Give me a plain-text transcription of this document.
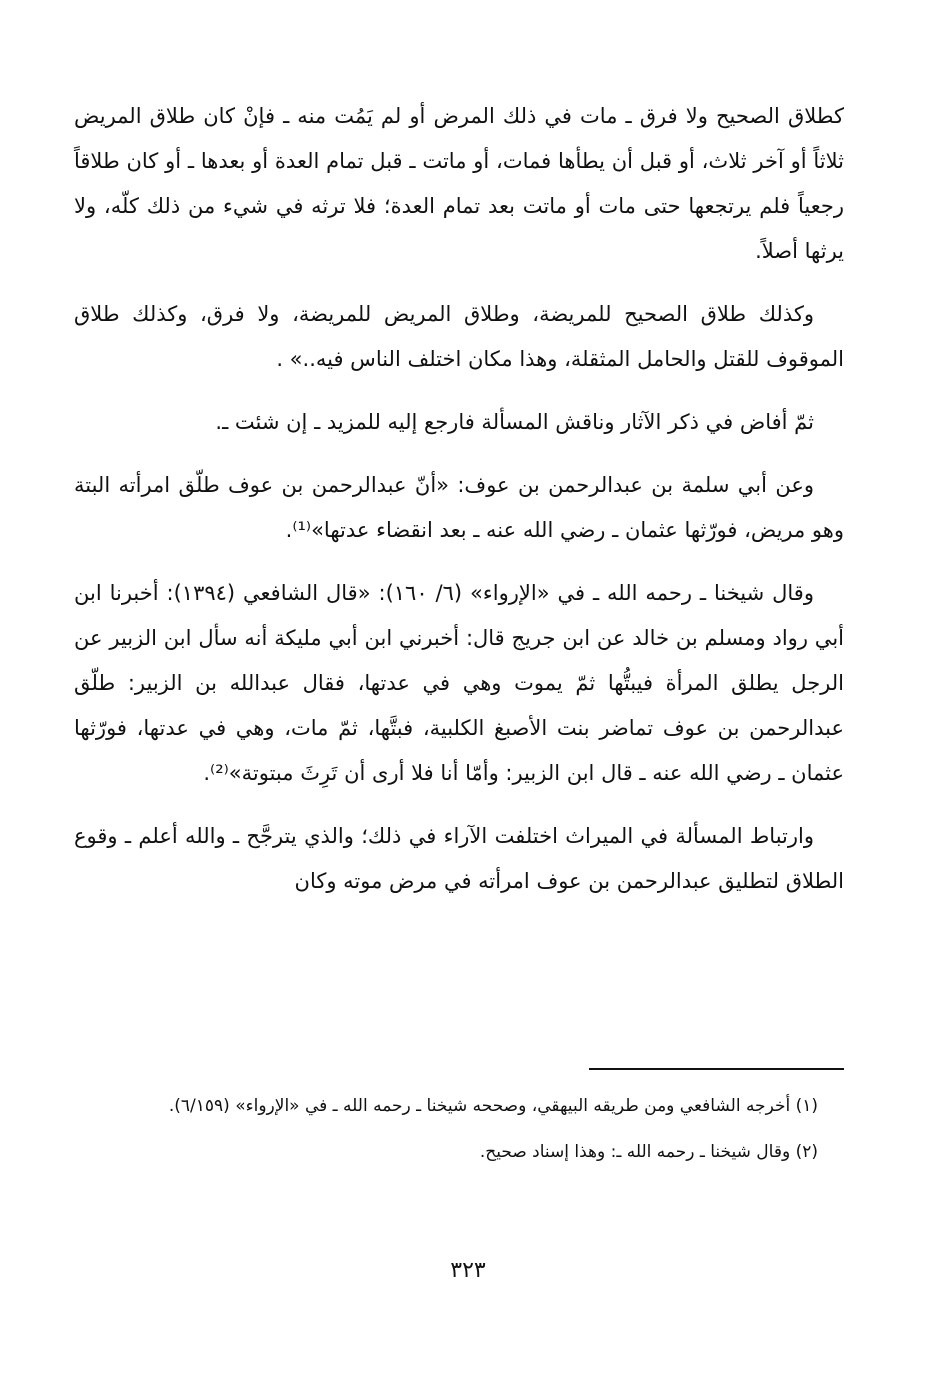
كطلاق الصحيح ولا فرق ـ مات في ذلك المرض أو لم يَمُت منه ـ فإنْ كان طلاق المريض ثلاثاً أو آخر ثلاث، أو قبل أن يطأها فمات، أو ماتت ـ قبل تمام العدة أو بعدها ـ أو كان طلاقاً رجعياً فلم يرتجعها حتى مات أو ماتت بعد تمام العدة؛ فلا ترثه في شيء من ذلك كلّه، ولا يرثها أصلاً.

وكذلك طلاق الصحيح للمريضة، وطلاق المريض للمريضة، ولا فرق، وكذلك طلاق الموقوف للقتل والحامل المثقلة، وهذا مكان اختلف الناس فيه..» .

ثمّ أفاض في ذكر الآثار وناقش المسألة فارجع إليه للمزيد ـ إن شئت ـ.

وعن أبي سلمة بن عبدالرحمن بن عوف: «أنّ عبدالرحمن بن عوف طلّق امرأته البتة وهو مريض، فورّثها عثمان ـ رضي الله عنه ـ بعد انقضاء عدتها»⁽¹⁾.

وقال شيخنا ـ رحمه الله ـ في «الإرواء» (٦/ ١٦٠): «قال الشافعي (١٣٩٤): أخبرنا ابن أبي رواد ومسلم بن خالد عن ابن جريج قال: أخبرني ابن أبي مليكة أنه سأل ابن الزبير عن الرجل يطلق المرأة فيبتُّها ثمّ يموت وهي في عدتها، فقال عبدالله بن الزبير: طلّق عبدالرحمن بن عوف تماضر بنت الأصبغ الكلبية، فبتَّها، ثمّ مات، وهي في عدتها، فورّثها عثمان ـ رضي الله عنه ـ قال ابن الزبير: وأمّا أنا فلا أرى أن تَرِثَ مبتوتة»⁽²⁾.

وارتباط المسألة في الميراث اختلفت الآراء في ذلك؛ والذي يترجَّح ـ والله أعلم ـ وقوع الطلاق لتطليق عبدالرحمن بن عوف امرأته في مرض موته وكان

(١) أخرجه الشافعي ومن طريقه البيهقي، وصححه شيخنا ـ رحمه الله ـ في «الإرواء» (٦/١٥٩).

(٢) وقال شيخنا ـ رحمه الله ـ: وهذا إسناد صحيح.

٣٢٣
